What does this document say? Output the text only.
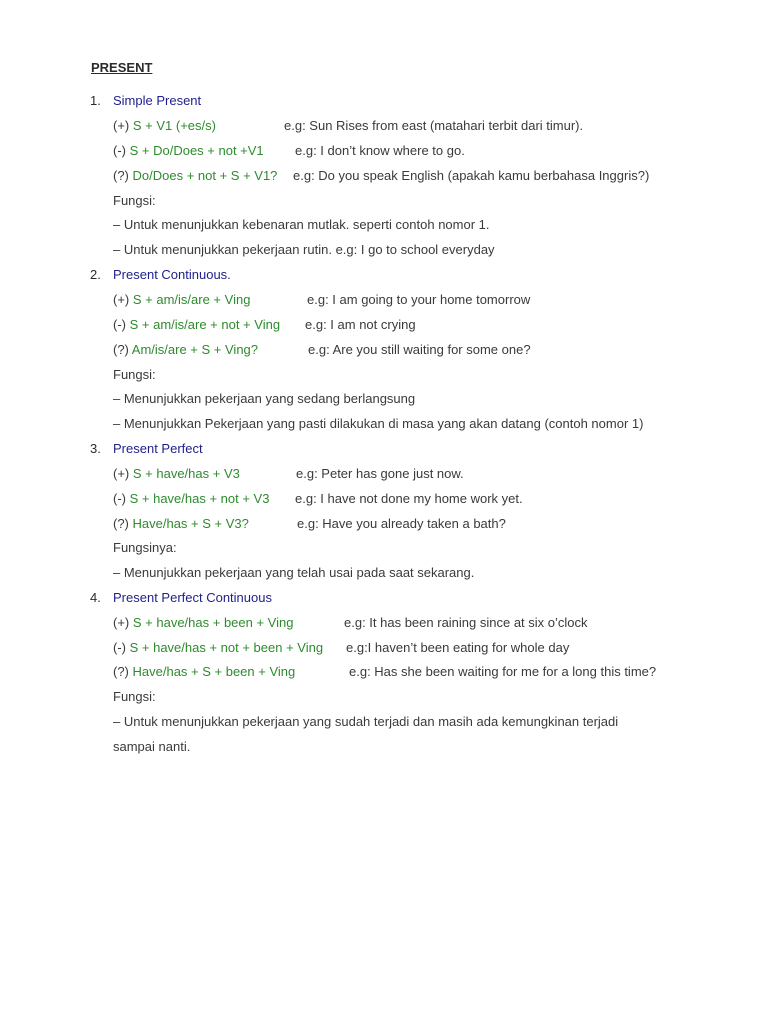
PRESENT
1. Simple Present
(+) S + V1 (+es/s)	e.g: Sun Rises from east (matahari terbit dari timur).
(-) S + Do/Does + not +V1 e.g: I don’t know where to go.
(?) Do/Does + not + S + V1? e.g: Do you speak English (apakah kamu berbahasa Inggris?)
Fungsi:
– Untuk menunjukkan kebenaran mutlak. seperti contoh nomor 1.
– Untuk menunjukkan pekerjaan rutin. e.g: I go to school everyday
2. Present Continuous.
(+) S + am/is/are + Ving	e.g: I am going to your home tomorrow
(-) S + am/is/are + not + Ving e.g: I am not crying
(?) Am/is/are + S + Ving?	e.g: Are you still waiting for some one?
Fungsi:
– Menunjukkan pekerjaan yang sedang berlangsung
– Menunjukkan Pekerjaan yang pasti dilakukan di masa yang akan datang (contoh nomor 1)
3. Present Perfect
(+) S + have/has + V3	e.g: Peter has gone just now.
(-) S + have/has + not + V3 e.g: I have not done my home work yet.
(?) Have/has + S + V3?	e.g: Have you already taken a bath?
Fungsinya:
– Menunjukkan pekerjaan yang telah usai pada saat sekarang.
4. Present Perfect Continuous
(+) S + have/has + been + Ving	e.g: It has been raining since at six o’clock
(-) S + have/has + not + been + Ving e.g:I haven’t been eating for whole day
(?) Have/has + S + been + Ving	e.g: Has she been waiting for me for a long this time?
Fungsi:
– Untuk menunjukkan pekerjaan yang sudah terjadi dan masih ada kemungkinan terjadi
sampai nanti.
